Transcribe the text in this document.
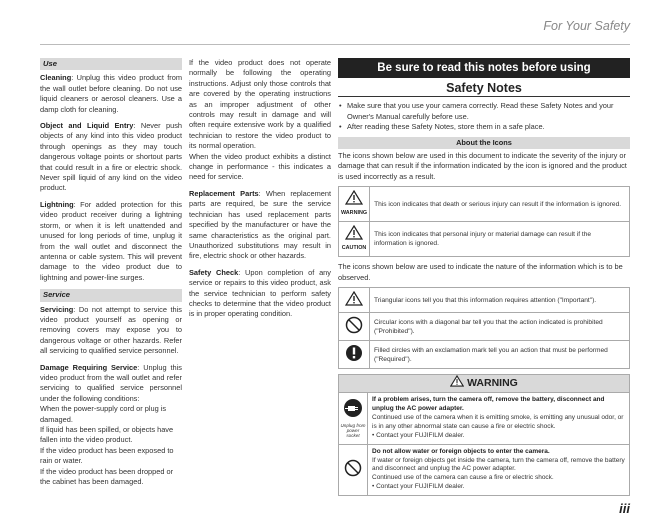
For Your Safety
Use

Cleaning: Unplug this video product from the wall outlet before cleaning. Do not use liquid cleaners or aerosol cleaners. Use a damp cloth for cleaning.

Object and Liquid Entry: Never push objects of any kind into this video product through openings as they may touch dangerous voltage points or shortout parts that could result in a fire or electric shock. Never spill liquid of any kind on the video product.

Lightning: For added protection for this video product receiver during a lightning storm, or when it is left unattended and unused for long periods of time, unplug it from the wall outlet and disconnect the antenna or cable system. This will prevent damage to the video product due to lightning and power-line surges.

Service

Servicing: Do not attempt to service this video product yourself as opening or removing covers may expose you to dangerous voltage or other hazards. Refer all servicing to qualified service personnel.

Damage Requiring Service: Unplug this video product from the wall outlet and refer servicing to qualified service personnel under the following conditions:

When the power-supply cord or plug is damaged.
If liquid has been spilled, or objects have fallen into the video product.
If the video product has been exposed to rain or water.
If the video product has been dropped or the cabinet has been damaged.

If the video product does not operate normally be following the operating instructions. Adjust only those controls that are covered by the operating instructions as an improper adjustment of other controls may result in damage and will often require extensive work by a qualified technician to restore the video product to its normal operation.

When the video product exhibits a distinct change in performance - this indicates a need for service.

Replacement Parts: When replacement parts are required, be sure the service technician has used replacement parts specified by the manufacturer or have the same characteristics as the original part. Unauthorized substitutions may result in fire, electric shock or other hazards.

Safety Check: Upon completion of any service or repairs to this video product, ask the service technician to perform safety checks to determine that the video product is in proper operating condition.

Be sure to read this notes before using
Safety Notes
• Make sure that you use your camera correctly. Read these Safety Notes and your Owner's Manual carefully before use.
• After reading these Safety Notes, store them in a safe place.
About the Icons

The icons shown below are used in this document to indicate the severity of the injury or damage that can result if the information indicated by the icon is ignored and the product is used incorrectly as a result.

WARNING	This icon indicates that death or serious injury can result if the information is ignored.

CAUTION	This icon indicates that personal injury or material damage can result if the information is ignored.

The icons shown below are used to indicate the nature of the information which is to be observed.

	Triangular icons tell you that this information requires attention ("Important").
	Circular icons with a diagonal bar tell you that the action indicated is prohibited ("Prohibited").
	Filled circles with an exclamation mark tell you an action that must be performed ("Required").
WARNING
Unplug from power socket	If a problem arises, turn the camera off, remove the battery, disconnect and unplug the AC power adapter.
Continued use of the camera when it is emitting smoke, is emitting any unusual odor, or is in any other abnormal state can cause a fire or electric shock.
• Contact your FUJIFILM dealer.

Do not allow water or foreign objects to enter the camera.
If water or foreign objects get inside the camera, turn the camera off, remove the battery and disconnect and unplug the AC power adapter.
Continued use of the camera can cause a fire or electric shock.
• Contact your FUJIFILM dealer.
iii
